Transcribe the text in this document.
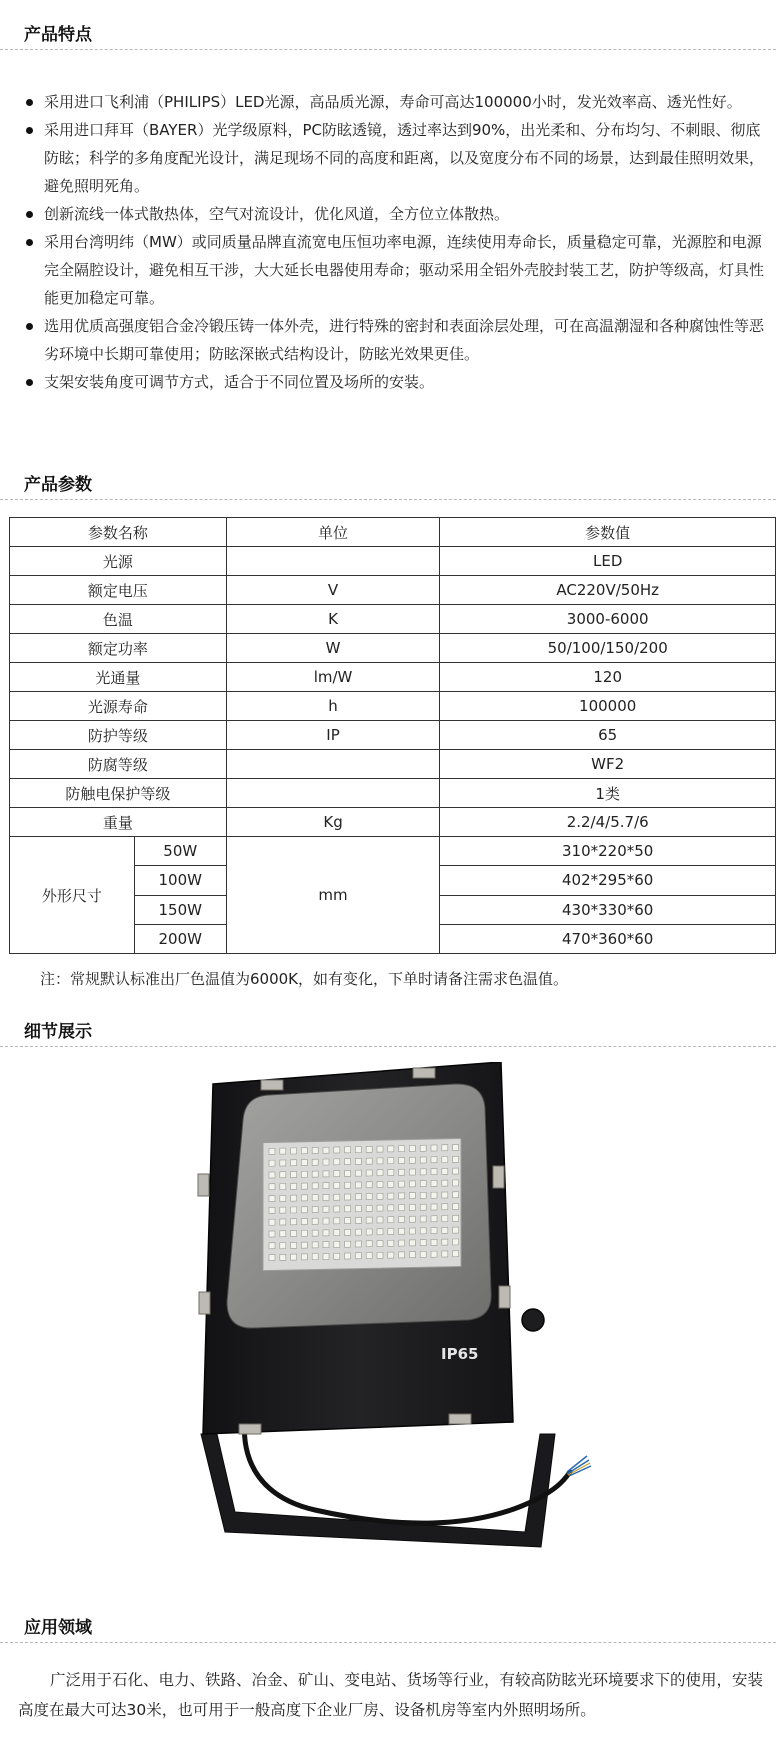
产品特点
采用进口飞利浦（PHILIPS）LED光源，高品质光源，寿命可高达100000小时，发光效率高、透光性好。
采用进口拜耳（BAYER）光学级原料，PC防眩透镜，透过率达到90%，出光柔和、分布均匀、不刺眼、彻底防眩；科学的多角度配光设计，满足现场不同的高度和距离，以及宽度分布不同的场景，达到最佳照明效果，避免照明死角。
创新流线一体式散热体，空气对流设计，优化风道，全方位立体散热。
采用台湾明纬（MW）或同质量品牌直流宽电压恒功率电源，连续使用寿命长，质量稳定可靠，光源腔和电源完全隔腔设计，避免相互干涉，大大延长电器使用寿命；驱动采用全铝外壳胶封装工艺，防护等级高，灯具性能更加稳定可靠。
选用优质高强度铝合金冷锻压铸一体外壳，进行特殊的密封和表面涂层处理，可在高温潮湿和各种腐蚀性等恶劣环境中长期可靠使用；防眩深嵌式结构设计，防眩光效果更佳。
支架安装角度可调节方式，适合于不同位置及场所的安装。
产品参数
参数名称		单位	参数值
光源			LED
额定电压		V	AC220V/50Hz
色温		K	3000-6000
额定功率		W	50/100/150/200
光通量		lm/W	120
光源寿命		h	100000
防护等级		IP	65
防腐等级			WF2
防触电保护等级			1类
重量		Kg	2.2/4/5.7/6
外形尺寸	50W	mm	310*220*50
	100W		402*295*60
	150W		430*330*60
	200W		470*360*60
注：常规默认标准出厂色温值为6000K，如有变化，下单时请备注需求色温值。
细节展示
IP65
应用领域

广泛用于石化、电力、铁路、冶金、矿山、变电站、货场等行业，有较高防眩光环境要求下的使用，安装高度在最大可达30米，也可用于一般高度下企业厂房、设备机房等室内外照明场所。
